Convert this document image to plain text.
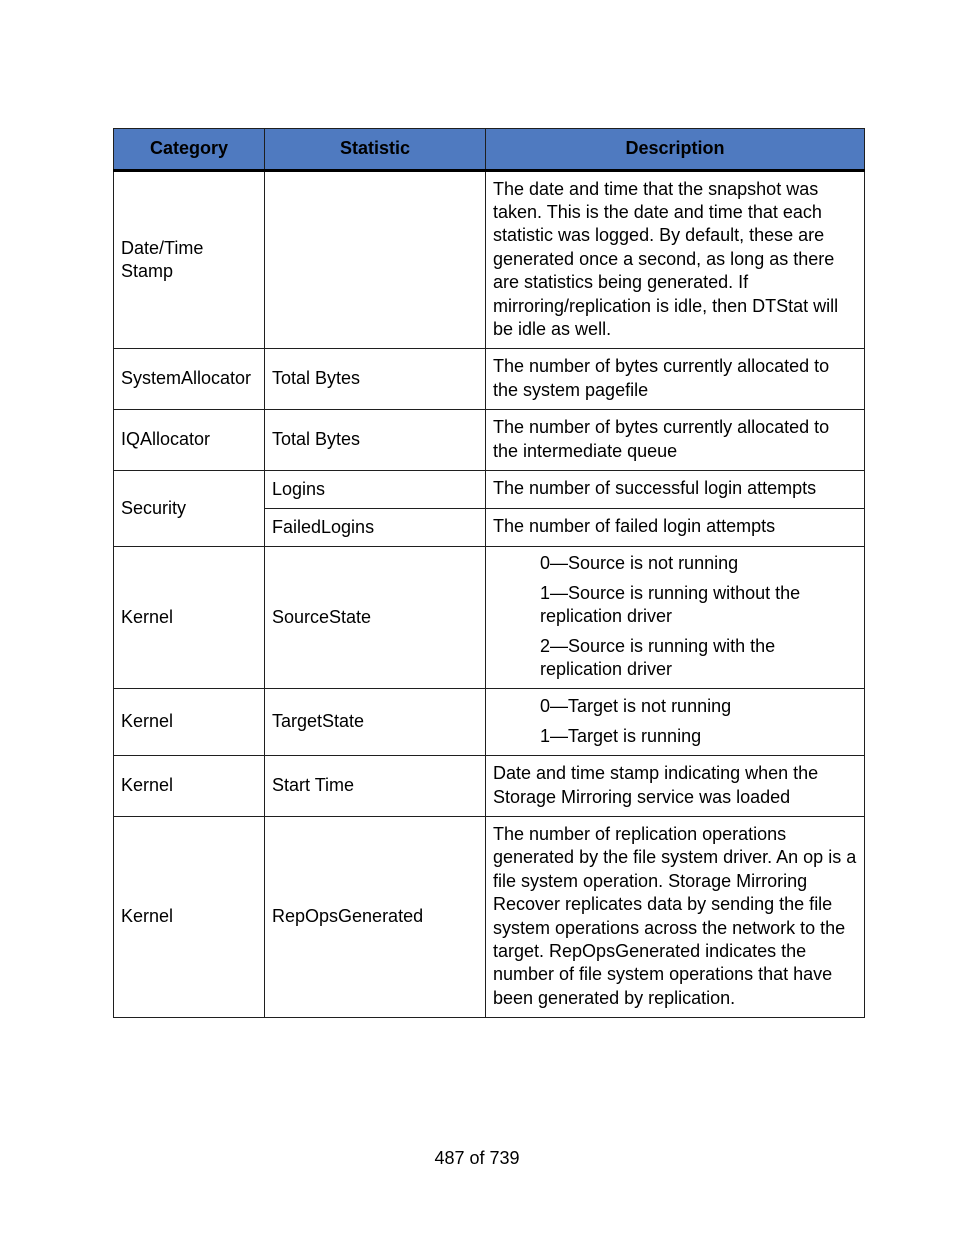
Category	Statistic	Description
Date/Time Stamp		The date and time that the snapshot was taken. This is the date and time that each statistic was logged. By default, these are generated once a second, as long as there are statistics being generated. If mirroring/replication is idle, then DTStat will be idle as well.
SystemAllocator	Total Bytes	The number of bytes currently allocated to the system pagefile
IQAllocator	Total Bytes	The number of bytes currently allocated to the intermediate queue
Security	Logins	The number of successful login attempts
	FailedLogins	The number of failed login attempts
Kernel	SourceState	0—Source is not running
1—Source is running without the replication driver
2—Source is running with the replication driver

Kernel	TargetState	0—Target is not running
1—Target is running

Kernel	Start Time	Date and time stamp indicating when the Storage Mirroring service was loaded
Kernel	RepOpsGenerated	The number of replication operations generated by the file system driver. An op is a file system operation. Storage Mirroring Recover replicates data by sending the file system operations across the network to the target. RepOpsGenerated indicates the number of file system operations that have been generated by replication.
487 of 739
